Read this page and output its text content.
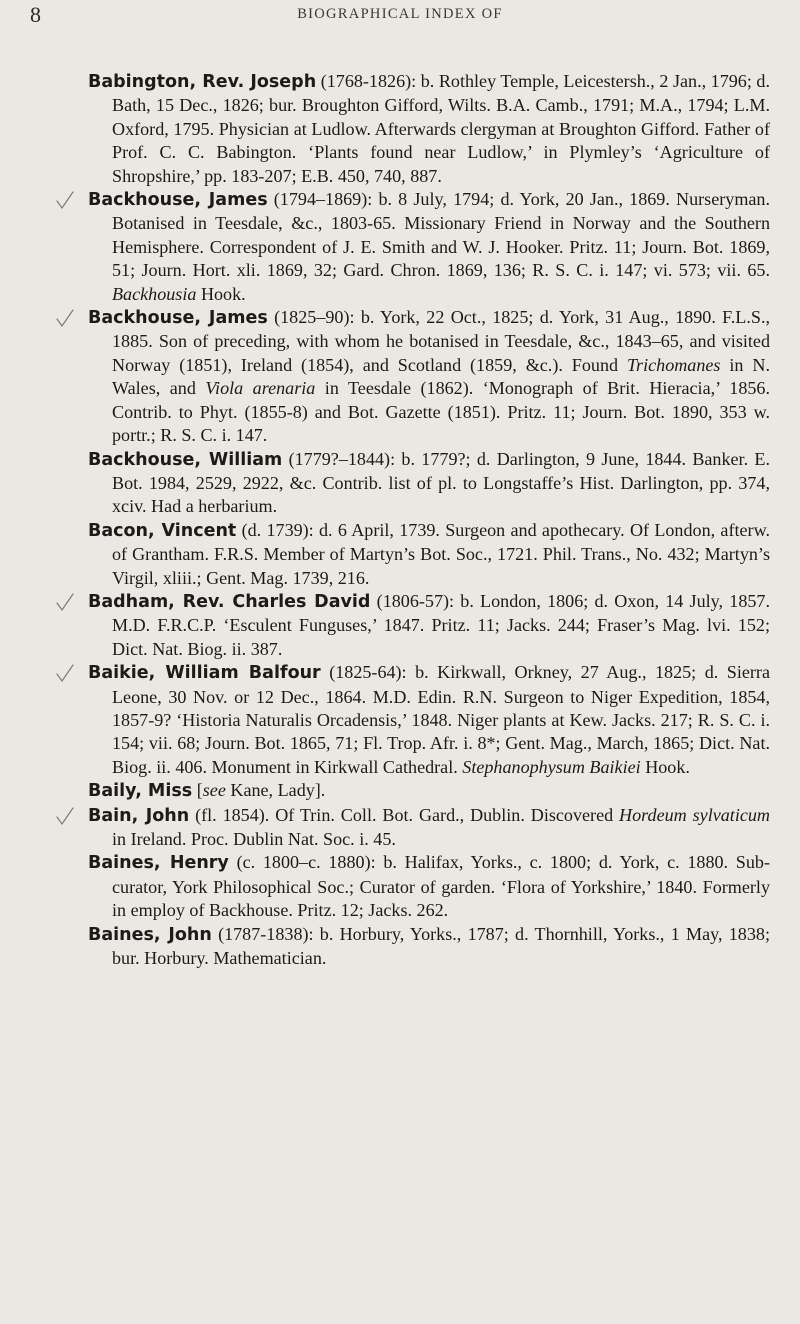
8	BIOGRAPHICAL INDEX OF

Babington, Rev. Joseph (1768-1826): b. Rothley Temple, Leicestersh., 2 Jan., 1796; d. Bath, 15 Dec., 1826; bur. Broughton Gifford, Wilts. B.A. Camb., 1791; M.A., 1794; L.M. Oxford, 1795. Physician at Ludlow. Afterwards clergyman at Broughton Gifford. Father of Prof. C. C. Babington. ‘Plants found near Ludlow,’ in Plymley’s ‘Agriculture of Shropshire,’ pp. 183-207; E.B. 450, 740, 887.

Backhouse, James (1794–1869): b. 8 July, 1794; d. York, 20 Jan., 1869. Nurseryman. Botanised in Teesdale, &c., 1803-65. Missionary Friend in Norway and the Southern Hemisphere. Correspondent of J. E. Smith and W. J. Hooker. Pritz. 11; Journ. Bot. 1869, 51; Journ. Hort. xli. 1869, 32; Gard. Chron. 1869, 136; R. S. C. i. 147; vi. 573; vii. 65. Backhousia Hook.

Backhouse, James (1825–90): b. York, 22 Oct., 1825; d. York, 31 Aug., 1890. F.L.S., 1885. Son of preceding, with whom he botanised in Teesdale, &c., 1843–65, and visited Norway (1851), Ireland (1854), and Scotland (1859, &c.). Found Trichomanes in N. Wales, and Viola arenaria in Teesdale (1862). ‘Monograph of Brit. Hieracia,’ 1856. Contrib. to Phyt. (1855-8) and Bot. Gazette (1851). Pritz. 11; Journ. Bot. 1890, 353 w. portr.; R. S. C. i. 147.

Backhouse, William (1779?–1844): b. 1779?; d. Darlington, 9 June, 1844. Banker. E. Bot. 1984, 2529, 2922, &c. Contrib. list of pl. to Longstaffe’s Hist. Darlington, pp. 374, xciv. Had a herbarium.

Bacon, Vincent (d. 1739): d. 6 April, 1739. Surgeon and apothecary. Of London, afterw. of Grantham. F.R.S. Member of Martyn’s Bot. Soc., 1721. Phil. Trans., No. 432; Martyn’s Virgil, xliii.; Gent. Mag. 1739, 216.

Badham, Rev. Charles David (1806-57): b. London, 1806; d. Oxon, 14 July, 1857. M.D. F.R.C.P. ‘Esculent Funguses,’ 1847. Pritz. 11; Jacks. 244; Fraser’s Mag. lvi. 152; Dict. Nat. Biog. ii. 387.

Baikie, William Balfour (1825-64): b. Kirkwall, Orkney, 27 Aug., 1825; d. Sierra Leone, 30 Nov. or 12 Dec., 1864. M.D. Edin. R.N. Surgeon to Niger Expedition, 1854, 1857-9? ‘Historia Naturalis Orcadensis,’ 1848. Niger plants at Kew. Jacks. 217; R. S. C. i. 154; vii. 68; Journ. Bot. 1865, 71; Fl. Trop. Afr. i. 8*; Gent. Mag., March, 1865; Dict. Nat. Biog. ii. 406. Monument in Kirkwall Cathedral. Stephanophysum Baikiei Hook.

Baily, Miss [see Kane, Lady].

Bain, John (fl. 1854). Of Trin. Coll. Bot. Gard., Dublin. Discovered Hordeum sylvaticum in Ireland. Proc. Dublin Nat. Soc. i. 45.

Baines, Henry (c. 1800–c. 1880): b. Halifax, Yorks., c. 1800; d. York, c. 1880. Sub-curator, York Philosophical Soc.; Curator of garden. ‘Flora of Yorkshire,’ 1840. Formerly in employ of Backhouse. Pritz. 12; Jacks. 262.

Baines, John (1787-1838): b. Horbury, Yorks., 1787; d. Thornhill, Yorks., 1 May, 1838; bur. Horbury. Mathematician.
